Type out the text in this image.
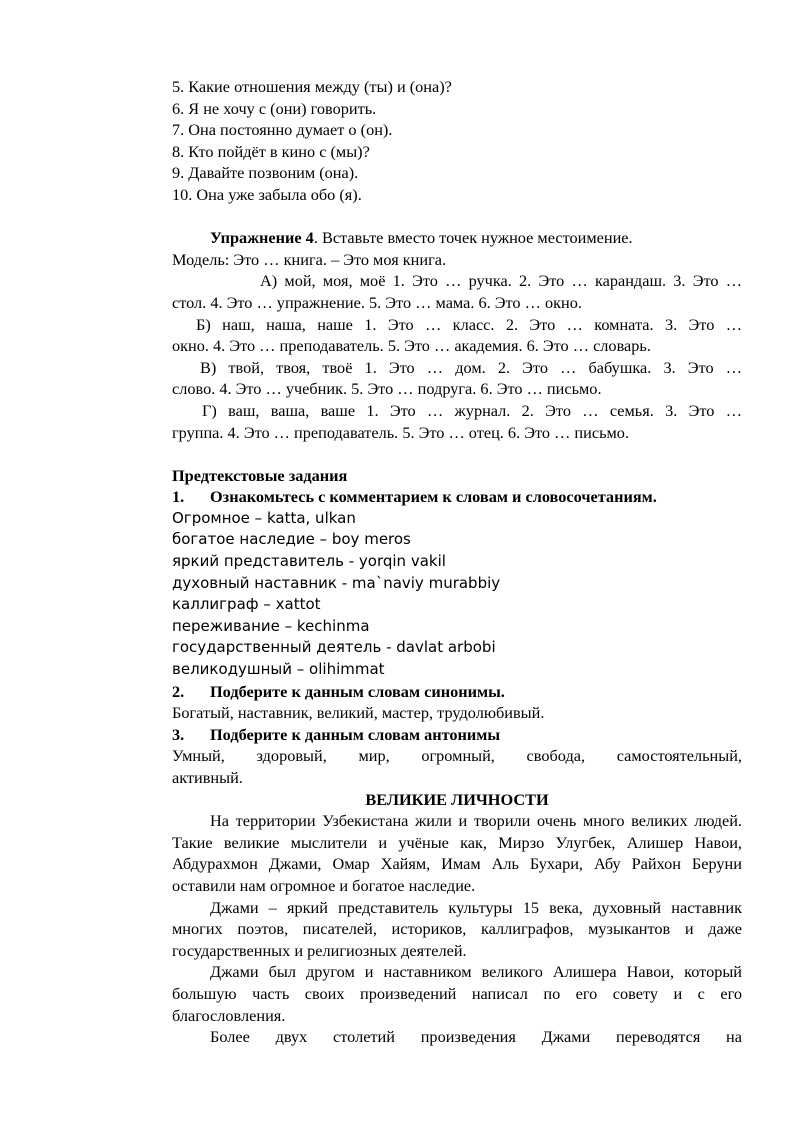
5. Какие отношения между (ты) и (она)?
6. Я не хочу с (они) говорить.
7. Она постоянно думает о (он).
8. Кто пойдёт в кино с (мы)?
9. Давайте позвоним (она).
10. Она уже забыла обо (я).
Упражнение 4. Вставьте вместо точек нужное местоимение.
Модель: Это … книга. – Это моя книга.
А) мой, моя, моё 1. Это … ручка. 2. Это … карандаш. 3. Это …
стол. 4. Это … упражнение. 5. Это … мама. 6. Это … окно.
Б) наш, наша, наше 1. Это … класс. 2. Это … комната. 3. Это …
окно. 4. Это … преподаватель. 5. Это … академия. 6. Это … словарь.
В) твой, твоя, твоё 1. Это … дом. 2. Это … бабушка. 3. Это …
слово. 4. Это … учебник. 5. Это … подруга. 6. Это … письмо.
Г) ваш, ваша, ваше 1. Это … журнал. 2. Это … семья. 3. Это …
группа. 4. Это … преподаватель. 5. Это … отец. 6. Это … письмо.
Предтекстовые задания
1. Ознакомьтесь с комментарием к словам и словосочетаниям.
Огромное – katta, ulkan
богатое наследие – boy meros
яркий представитель - yorqin vakil
духовный наставник - ma`naviy murabbiy
каллиграф – xattot
переживание – kechinma
государственный деятель - davlat arbobi
великодушный – olihimmat
2. Подберите к данным словам синонимы.
Богатый, наставник, великий, мастер, трудолюбивый.
3. Подберите к данным словам антонимы
Умный, здоровый, мир, огромный, свобода, самостоятельный,
активный.
ВЕЛИКИЕ ЛИЧНОСТИ
На территории Узбекистана жили и творили очень много великих людей. Такие великие мыслители и учёные как, Мирзо Улугбек, Алишер Навои, Абдурахмон Джами, Омар Хайям, Имам Аль Бухари, Абу Райхон Беруни оставили нам огромное и богатое наследие.
Джами – яркий представитель культуры 15 века, духовный наставник многих поэтов, писателей, историков, каллиграфов, музыкантов и даже государственных и религиозных деятелей.
Джами был другом и наставником великого Алишера Навои, который большую часть своих произведений написал по его совету и с его благословления.
Более двух столетий произведения Джами переводятся на
